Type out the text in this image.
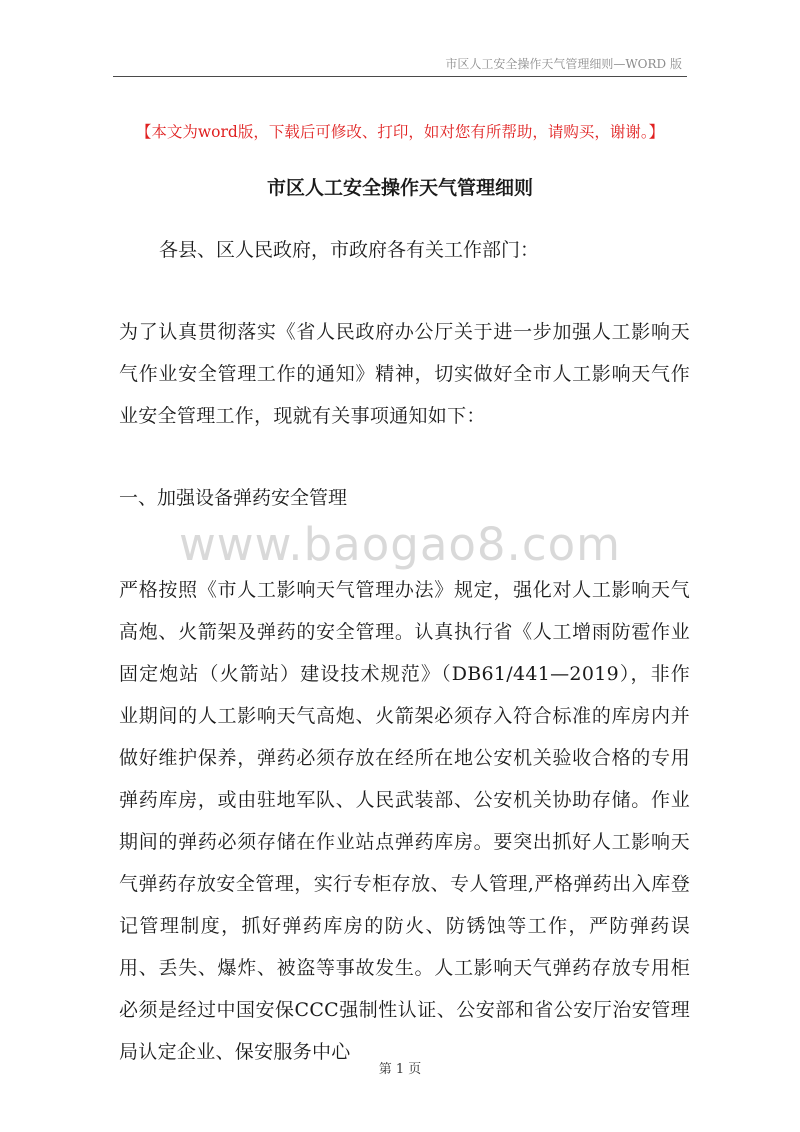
市区人工安全操作天气管理细则—WORD 版
【本文为word版，下载后可修改、打印，如对您有所帮助，请购买，谢谢。】
市区人工安全操作天气管理细则
各县、区人民政府，市政府各有关工作部门：
为了认真贯彻落实《省人民政府办公厅关于进一步加强人工影响天气作业安全管理工作的通知》精神，切实做好全市人工影响天气作业安全管理工作，现就有关事项通知如下：
一、加强设备弹药安全管理
www.baogao8.com
严格按照《市人工影响天气管理办法》规定，强化对人工影响天气高炮、火箭架及弹药的安全管理。认真执行省《人工增雨防雹作业固定炮站（火箭站）建设技术规范》（DB61/441—2019），非作业期间的人工影响天气高炮、火箭架必须存入符合标准的库房内并做好维护保养，弹药必须存放在经所在地公安机关验收合格的专用弹药库房，或由驻地军队、人民武装部、公安机关协助存储。作业期间的弹药必须存储在作业站点弹药库房。要突出抓好人工影响天气弹药存放安全管理，实行专柜存放、专人管理,严格弹药出入库登记管理制度，抓好弹药库房的防火、防锈蚀等工作，严防弹药误用、丢失、爆炸、被盗等事故发生。人工影响天气弹药存放专用柜必须是经过中国安保CCC强制性认证、公安部和省公安厅治安管理局认定企业、保安服务中心
第 1 页
